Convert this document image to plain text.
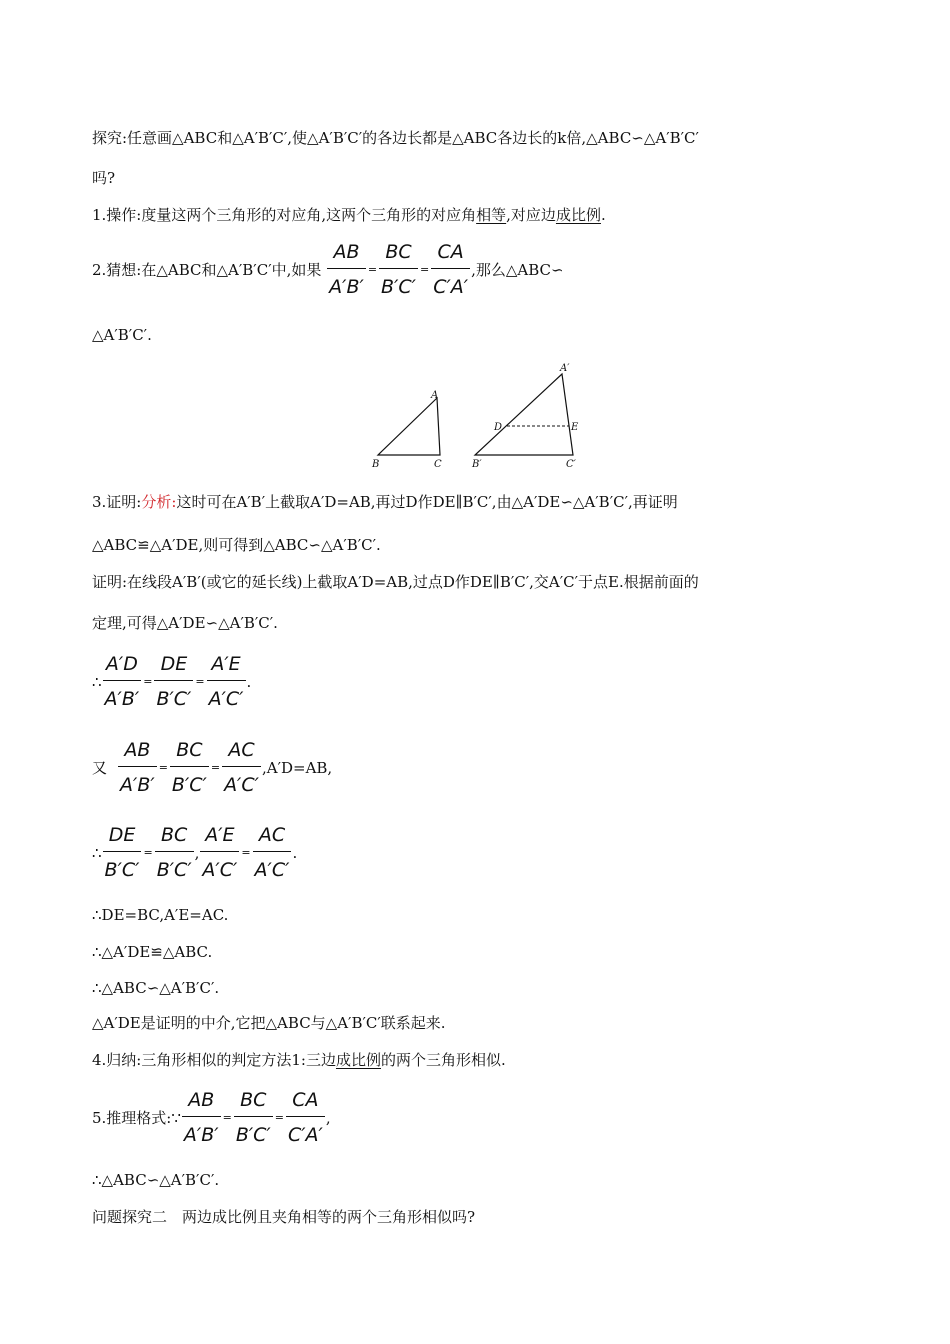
探究:任意画△ABC和△A′B′C′,使△A′B′C′的各边长都是△ABC各边长的k倍,△ABC∽△A′B′C′
吗?
1.操作:度量这两个三角形的对应角,这两个三角形的对应角相等,对应边成比例.
2.猜想:在△ABC和△A′B′C′中,如果 $\frac{AB}{A'B'} = \frac{BC}{B'C'} = \frac{CA}{C'A'}$ ,那么△ABC∽
△A′B′C′.
A
B	C
A′
B′	C′
D	E
3.证明:分析:这时可在A′B′上截取A′D=AB,再过D作DE∥B′C′,由△A′DE∽△A′B′C′,再证明
△ABC≌△A′DE,则可得到△ABC∽△A′B′C′.
证明:在线段A′B′(或它的延长线)上截取A′D=AB,过点D作DE∥B′C′,交A′C′于点E.根据前面的
定理,可得△A′DE∽△A′B′C′.
∴ $\frac{A'D}{A'B'} = \frac{DE}{B'C'} = \frac{A'E}{A'C'}$ .
又 $\frac{AB}{A'B'} = \frac{BC}{B'C'} = \frac{AC}{A'C'} ,A'D=AB$,
∴ $\frac{DE}{B'C'} = \frac{BC}{B'C'}$ , $\frac{A'E}{A'C'} = \frac{AC}{A'C'}$ .
∴DE=BC,A′E=AC.
∴△A′DE≌△ABC.
∴△ABC∽△A′B′C′.
△A′DE是证明的中介,它把△ABC与△A′B′C′联系起来.
4.归纳:三角形相似的判定方法1:三边成比例的两个三角形相似.
5.推理格式:∵ $\frac{AB}{A'B'} = \frac{BC}{B'C'} = \frac{CA}{C'A'}$ ,
∴△ABC∽△A′B′C′.
问题探究二　两边成比例且夹角相等的两个三角形相似吗?
